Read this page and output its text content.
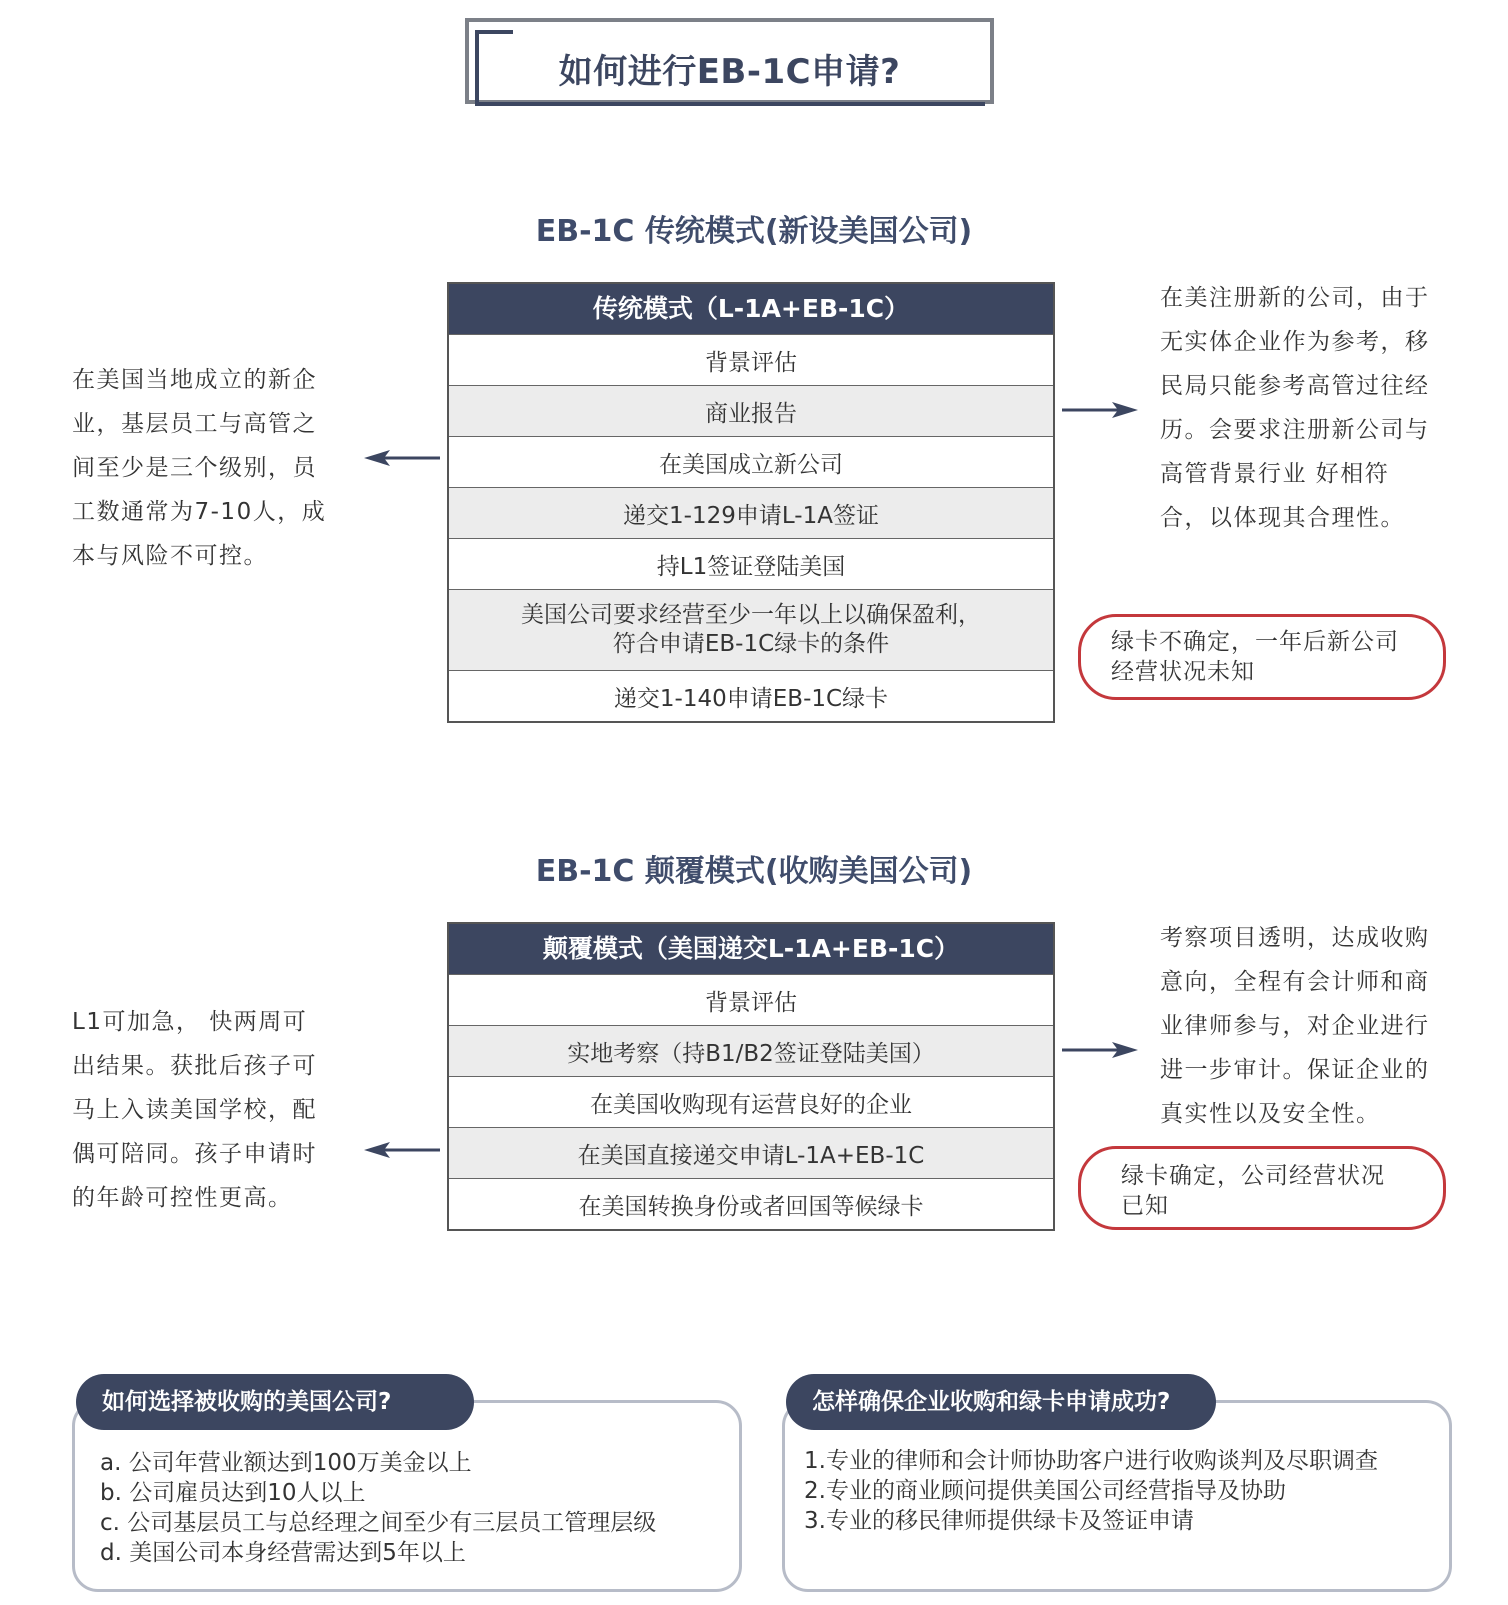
如何进行EB-1C申请?
EB-1C 传统模式(新设美国公司)
传统模式（L-1A+EB-1C）
背景评估
商业报告
在美国成立新公司
递交1-129申请L-1A签证
持L1签证登陆美国
美国公司要求经营至少一年以上以确保盈利，
符合申请EB-1C绿卡的条件
递交1-140申请EB-1C绿卡
在美国当地成立的新企
业，基层员工与高管之
间至少是三个级别，员
工数通常为7-10人，成
本与风险不可控。
在美注册新的公司，由于
无实体企业作为参考，移
民局只能参考高管过往经
历。会要求注册新公司与
高管背景行业 好相符
合，以体现其合理性。
绿卡不确定，一年后新公司
经营状况未知
EB-1C 颠覆模式(收购美国公司)
颠覆模式（美国递交L-1A+EB-1C）
背景评估
实地考察（持B1/B2签证登陆美国）
在美国收购现有运营良好的企业
在美国直接递交申请L-1A+EB-1C
在美国转换身份或者回国等候绿卡
L1可加急， 快两周可
出结果。获批后孩子可
马上入读美国学校，配
偶可陪同。孩子申请时
的年龄可控性更高。
考察项目透明，达成收购
意向，全程有会计师和商
业律师参与，对企业进行
进一步审计。保证企业的
真实性以及安全性。
绿卡确定，公司经营状况
已知
如何选择被收购的美国公司?
a. 公司年营业额达到100万美金以上
b. 公司雇员达到10人以上
c. 公司基层员工与总经理之间至少有三层员工管理层级
d. 美国公司本身经营需达到5年以上
怎样确保企业收购和绿卡申请成功?
1.专业的律师和会计师协助客户进行收购谈判及尽职调查
2.专业的商业顾问提供美国公司经营指导及协助
3.专业的移民律师提供绿卡及签证申请
